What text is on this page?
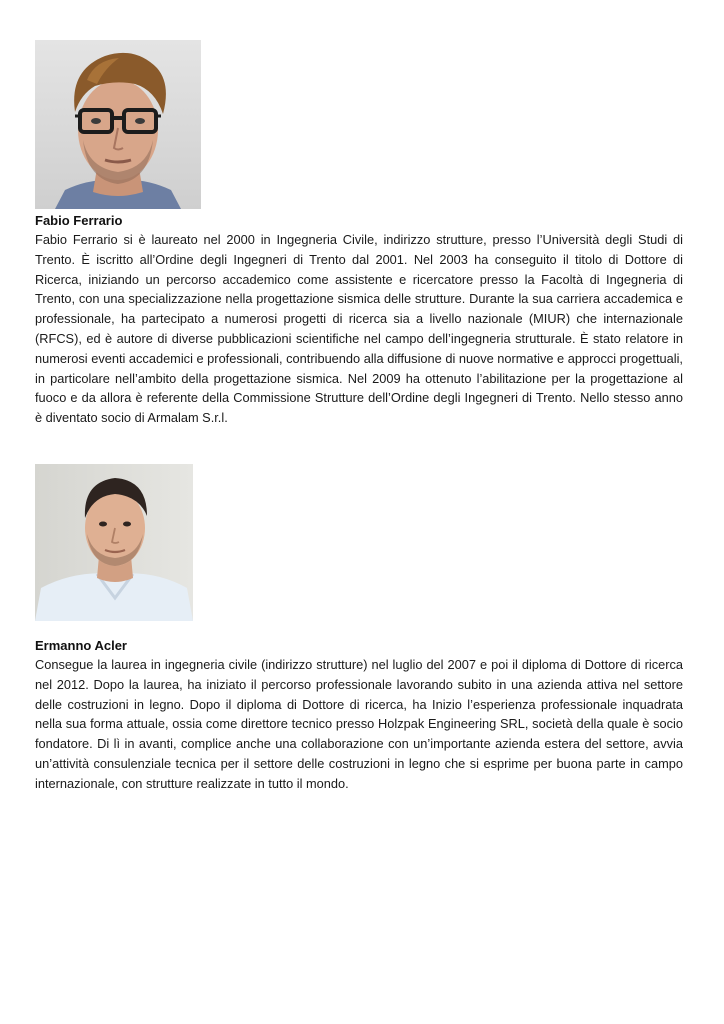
Fabio Ferrario

Fabio Ferrario si è laureato nel 2000 in Ingegneria Civile, indirizzo strutture, presso l’Università degli Studi di Trento. È iscritto all’Ordine degli Ingegneri di Trento dal 2001. Nel 2003 ha conseguito il titolo di Dottore di Ricerca, iniziando un percorso accademico come assistente e ricercatore presso la Facoltà di Ingegneria di Trento, con una specializzazione nella progettazione sismica delle strutture. Durante la sua carriera accademica e professionale, ha partecipato a numerosi progetti di ricerca sia a livello nazionale (MIUR) che internazionale (RFCS), ed è autore di diverse pubblicazioni scientifiche nel campo dell’ingegneria strutturale. È stato relatore in numerosi eventi accademici e professionali, contribuendo alla diffusione di nuove normative e approcci progettuali, in particolare nell’ambito della progettazione sismica. Nel 2009 ha ottenuto l’abilitazione per la progettazione al fuoco e da allora è referente della Commissione Strutture dell’Ordine degli Ingegneri di Trento. Nello stesso anno è diventato socio di Armalam S.r.l.

Ermanno Acler

Consegue la laurea in ingegneria civile (indirizzo strutture) nel luglio del 2007 e poi il diploma di Dottore di ricerca nel 2012. Dopo la laurea, ha iniziato il percorso professionale lavorando subito in una azienda attiva nel settore delle costruzioni in legno. Dopo il diploma di Dottore di ricerca, ha Inizio l’esperienza professionale inquadrata nella sua forma attuale, ossia come direttore tecnico presso Holzpak Engineering SRL, società della quale è socio fondatore. Di lì in avanti, complice anche una collaborazione con un’importante azienda estera del settore, avvia un’attività consulenziale tecnica per il settore delle costruzioni in legno che si esprime per buona parte in campo internazionale, con strutture realizzate in tutto il mondo.
